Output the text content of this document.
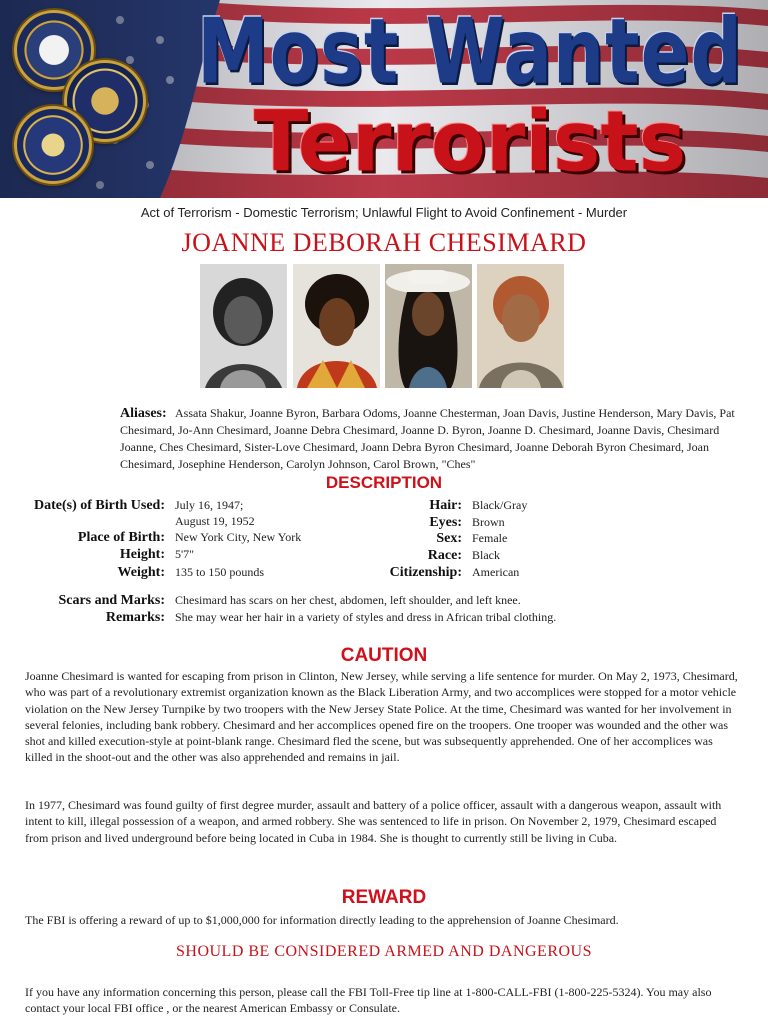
Most Wanted
Terrorists
Act of Terrorism - Domestic Terrorism; Unlawful Flight to Avoid Confinement - Murder
JOANNE DEBORAH CHESIMARD
Aliases: Assata Shakur, Joanne Byron, Barbara Odoms, Joanne Chesterman, Joan Davis, Justine Henderson, Mary Davis, Pat Chesimard, Jo-Ann Chesimard, Joanne Debra Chesimard, Joanne D. Byron, Joanne D. Chesimard, Joanne Davis, Chesimard Joanne, Ches Chesimard, Sister-Love Chesimard, Joann Debra Byron Chesimard, Joanne Deborah Byron Chesimard, Joan Chesimard, Josephine Henderson, Carolyn Johnson, Carol Brown, "Ches"
DESCRIPTION
Date(s) of Birth Used: July 16, 1947;
August 19, 1952
Place of Birth: New York City, New York
Height: 5'7"
Weight: 135 to 150 pounds
Hair: Black/Gray
Eyes: Brown
Sex: Female
Race: Black
Citizenship: American
Scars and Marks: Chesimard has scars on her chest, abdomen, left shoulder, and left knee.
Remarks: She may wear her hair in a variety of styles and dress in African tribal clothing.
CAUTION
Joanne Chesimard is wanted for escaping from prison in Clinton, New Jersey, while serving a life sentence for murder. On May 2, 1973, Chesimard, who was part of a revolutionary extremist organization known as the Black Liberation Army, and two accomplices were stopped for a motor vehicle violation on the New Jersey Turnpike by two troopers with the New Jersey State Police. At the time, Chesimard was wanted for her involvement in several felonies, including bank robbery. Chesimard and her accomplices opened fire on the troopers. One trooper was wounded and the other was shot and killed execution-style at point-blank range. Chesimard fled the scene, but was subsequently apprehended. One of her accomplices was killed in the shoot-out and the other was also apprehended and remains in jail.
In 1977, Chesimard was found guilty of first degree murder, assault and battery of a police officer, assault with a dangerous weapon, assault with intent to kill, illegal possession of a weapon, and armed robbery. She was sentenced to life in prison. On November 2, 1979, Chesimard escaped from prison and lived underground before being located in Cuba in 1984. She is thought to currently still be living in Cuba.
REWARD
The FBI is offering a reward of up to $1,000,000 for information directly leading to the apprehension of Joanne Chesimard.
SHOULD BE CONSIDERED ARMED AND DANGEROUS
If you have any information concerning this person, please call the FBI Toll-Free tip line at 1-800-CALL-FBI (1-800-225-5324). You may also contact your local FBI office , or the nearest American Embassy or Consulate.
